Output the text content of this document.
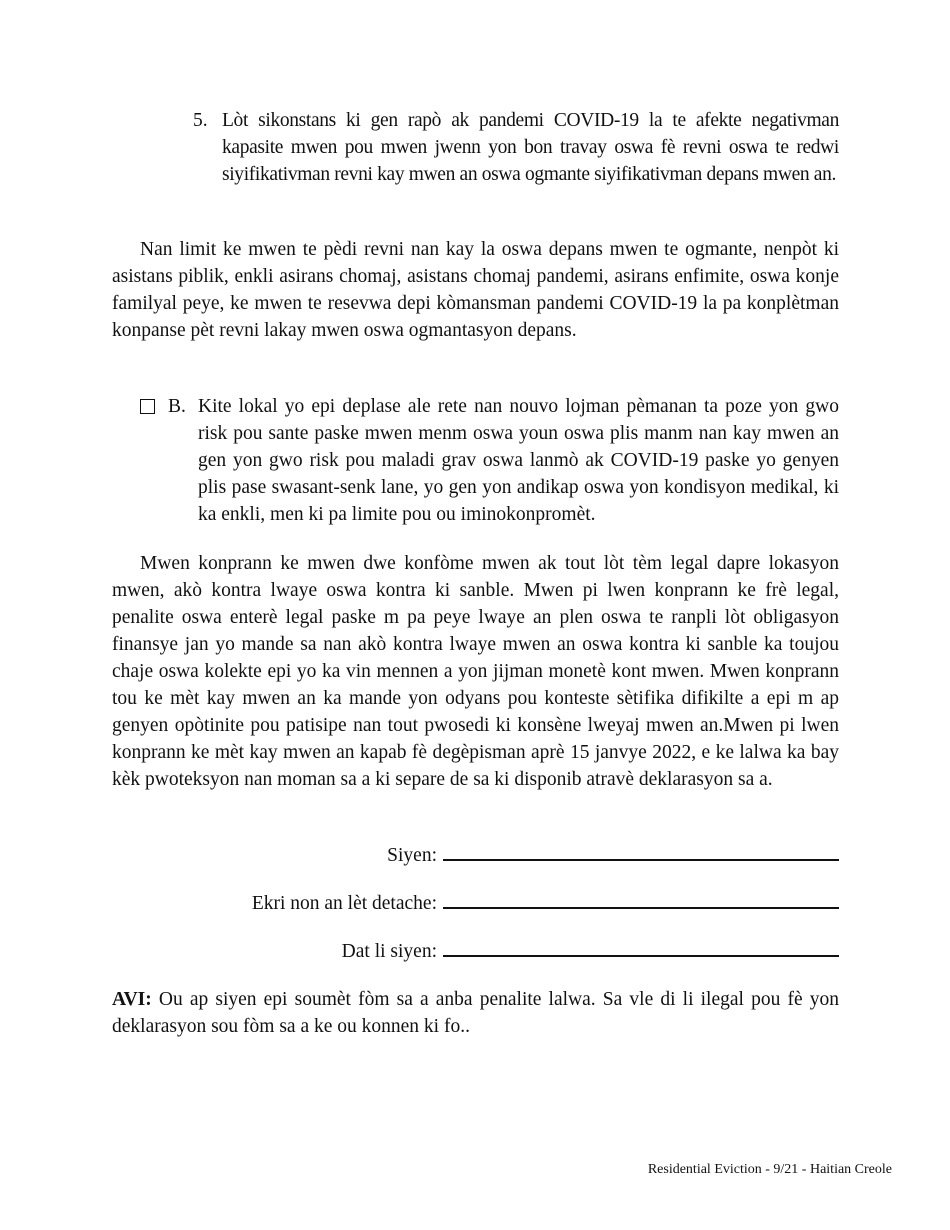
5. Lòt sikonstans ki gen rapò ak pandemi COVID-19 la te afekte negativman kapasite mwen pou mwen jwenn yon bon travay oswa fè revni oswa te redwi siyifikativman revni kay mwen an oswa ogmante siyifikativman depans mwen an.

Nan limit ke mwen te pèdi revni nan kay la oswa depans mwen te ogmante, nenpòt ki asistans piblik, enkli asirans chomaj, asistans chomaj pandemi, asirans enfimite, oswa konje familyal peye, ke mwen te resevwa depi kòmansman pandemi COVID-19 la pa konplètman konpanse pèt revni lakay mwen oswa ogmantasyon depans.

B. Kite lokal yo epi deplase ale rete nan nouvo lojman pèmanan ta poze yon gwo risk pou sante paske mwen menm oswa youn oswa plis manm nan kay mwen an gen yon gwo risk pou maladi grav oswa lanmò ak COVID-19 paske yo genyen plis pase swasant-senk lane, yo gen yon andikap oswa yon kondisyon medikal, ki ka enkli, men ki pa limite pou ou iminokonpromèt.

Mwen konprann ke mwen dwe konfòme mwen ak tout lòt tèm legal dapre lokasyon mwen, akò kontra lwaye oswa kontra ki sanble. Mwen pi lwen konprann ke frè legal, penalite oswa enterè legal paske m pa peye lwaye an plen oswa te ranpli lòt obligasyon finansye jan yo mande sa nan akò kontra lwaye mwen an oswa kontra ki sanble ka toujou chaje oswa kolekte epi yo ka vin mennen a yon jijman monetè kont mwen. Mwen konprann tou ke mèt kay mwen an ka mande yon odyans pou konteste sètifika difikilte a epi m ap genyen opòtinite pou patisipe nan tout pwosedi ki konsène lweyaj mwen an.Mwen pi lwen konprann ke mèt kay mwen an kapab fè degèpisman aprè 15 janvye 2022, e ke lalwa ka bay kèk pwoteksyon nan moman sa a ki separe de sa ki disponib atravè deklarasyon sa a.

Siyen:
Ekri non an lèt detache:
Dat li siyen:

AVI: Ou ap siyen epi soumèt fòm sa a anba penalite lalwa. Sa vle di li ilegal pou fè yon deklarasyon sou fòm sa a ke ou konnen ki fo..

Residential Eviction - 9/21 - Haitian Creole
